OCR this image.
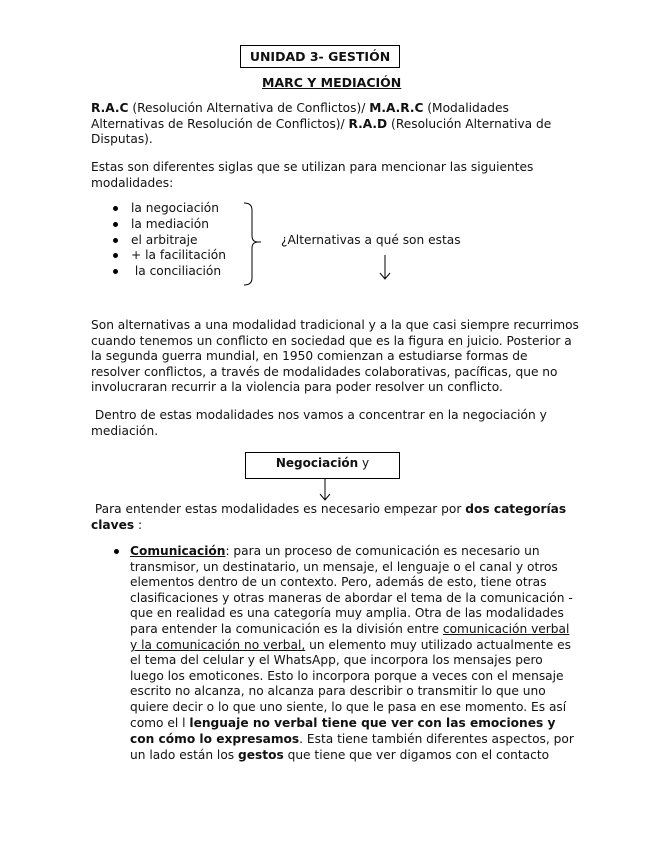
UNIDAD 3- GESTIÓN
MARC Y MEDIACIÓN
R.A.C (Resolución Alternativa de Conflictos)/ M.A.R.C (Modalidades
Alternativas de Resolución de Conflictos)/ R.A.D (Resolución Alternativa de
Disputas).
Estas son diferentes siglas que se utilizan para mencionar las siguientes
modalidades:
la negociación
la mediación
el arbitraje
+ la facilitación
la conciliación
¿Alternativas a qué son estas
Son alternativas a una modalidad tradicional y a la que casi siempre recurrimos
cuando tenemos un conflicto en sociedad que es la figura en juicio. Posterior a
la segunda guerra mundial, en 1950 comienzan a estudiarse formas de
resolver conflictos, a través de modalidades colaborativas, pacíficas, que no
involucraran recurrir a la violencia para poder resolver un conflicto.
Dentro de estas modalidades nos vamos a concentrar en la negociación y
mediación.
Negociación y
Para entender estas modalidades es necesario empezar por dos categorías
claves :
Comunicación: para un proceso de comunicación es necesario un
transmisor, un destinatario, un mensaje, el lenguaje o el canal y otros
elementos dentro de un contexto. Pero, además de esto, tiene otras
clasificaciones y otras maneras de abordar el tema de la comunicación -
que en realidad es una categoría muy amplia. Otra de las modalidades
para entender la comunicación es la división entre comunicación verbal
y la comunicación no verbal, un elemento muy utilizado actualmente es
el tema del celular y el WhatsApp, que incorpora los mensajes pero
luego los emoticones. Esto lo incorpora porque a veces con el mensaje
escrito no alcanza, no alcanza para describir o transmitir lo que uno
quiere decir o lo que uno siente, lo que le pasa en ese momento. Es así
como el l lenguaje no verbal tiene que ver con las emociones y
con cómo lo expresamos. Esta tiene también diferentes aspectos, por
un lado están los gestos que tiene que ver digamos con el contacto
